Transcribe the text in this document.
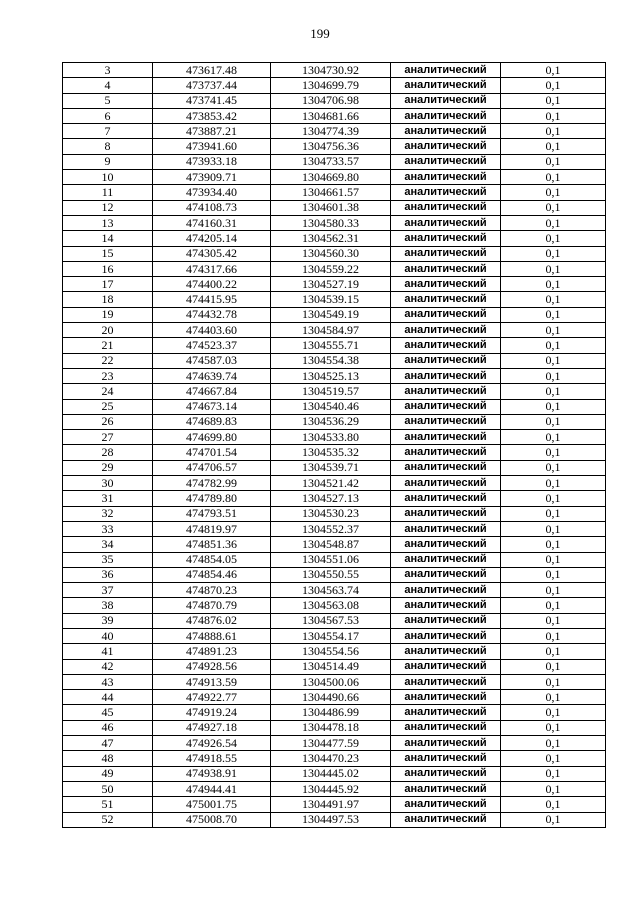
199
3	473617.48	1304730.92	аналитический	0,1
4	473737.44	1304699.79	аналитический	0,1
5	473741.45	1304706.98	аналитический	0,1
6	473853.42	1304681.66	аналитический	0,1
7	473887.21	1304774.39	аналитический	0,1
8	473941.60	1304756.36	аналитический	0,1
9	473933.18	1304733.57	аналитический	0,1
10	473909.71	1304669.80	аналитический	0,1
11	473934.40	1304661.57	аналитический	0,1
12	474108.73	1304601.38	аналитический	0,1
13	474160.31	1304580.33	аналитический	0,1
14	474205.14	1304562.31	аналитический	0,1
15	474305.42	1304560.30	аналитический	0,1
16	474317.66	1304559.22	аналитический	0,1
17	474400.22	1304527.19	аналитический	0,1
18	474415.95	1304539.15	аналитический	0,1
19	474432.78	1304549.19	аналитический	0,1
20	474403.60	1304584.97	аналитический	0,1
21	474523.37	1304555.71	аналитический	0,1
22	474587.03	1304554.38	аналитический	0,1
23	474639.74	1304525.13	аналитический	0,1
24	474667.84	1304519.57	аналитический	0,1
25	474673.14	1304540.46	аналитический	0,1
26	474689.83	1304536.29	аналитический	0,1
27	474699.80	1304533.80	аналитический	0,1
28	474701.54	1304535.32	аналитический	0,1
29	474706.57	1304539.71	аналитический	0,1
30	474782.99	1304521.42	аналитический	0,1
31	474789.80	1304527.13	аналитический	0,1
32	474793.51	1304530.23	аналитический	0,1
33	474819.97	1304552.37	аналитический	0,1
34	474851.36	1304548.87	аналитический	0,1
35	474854.05	1304551.06	аналитический	0,1
36	474854.46	1304550.55	аналитический	0,1
37	474870.23	1304563.74	аналитический	0,1
38	474870.79	1304563.08	аналитический	0,1
39	474876.02	1304567.53	аналитический	0,1
40	474888.61	1304554.17	аналитический	0,1
41	474891.23	1304554.56	аналитический	0,1
42	474928.56	1304514.49	аналитический	0,1
43	474913.59	1304500.06	аналитический	0,1
44	474922.77	1304490.66	аналитический	0,1
45	474919.24	1304486.99	аналитический	0,1
46	474927.18	1304478.18	аналитический	0,1
47	474926.54	1304477.59	аналитический	0,1
48	474918.55	1304470.23	аналитический	0,1
49	474938.91	1304445.02	аналитический	0,1
50	474944.41	1304445.92	аналитический	0,1
51	475001.75	1304491.97	аналитический	0,1
52	475008.70	1304497.53	аналитический	0,1
